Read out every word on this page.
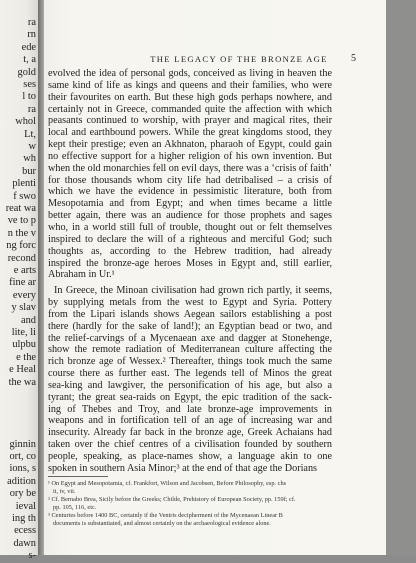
ra
rn
ede
t, a
gold
ses
l to
ra
whol
Lt,
w
wh
bur
plenti
f swo
reat wa
ve to p
n the v
ng forc
recond
e arts
fine ar
every
y slav
and
lite, li
ulpbu
e the
e Heal
the wa
ginnin
ort, co
ions, s
adition
ory be
ieval
ing th
ecess
dawn
s-
THE LEGACY OF THE BRONZE AGE	5
evolved the idea of personal gods, conceived as living in heaven the
same kind of life as kings and queens and their families, who were
their favourites on earth. But these high gods perhaps nowhere, and
certainly not in Greece, commanded quite the affection with which
peasants continued to worship, with prayer and magical rites, their
local and earthbound powers. While the great kingdoms stood, they
kept their prestige; even an Akhnaton, pharaoh of Egypt, could gain
no effective support for a higher religion of his own invention. But
when the old monarchies fell on evil days, there was a ‘crisis of faith’
for those thousands whom city life had detribalised – a crisis of
which we have the evidence in pessimistic literature, both from
Mesopotamia and from Egypt; and when times became a little
better again, there was an audience for those prophets and sages
who, in a world still full of trouble, thought out or felt themselves
inspired to declare the will of a righteous and merciful God; such
thoughts as, according to the Hebrew tradition, had already
inspired the bronze-age heroes Moses in Egypt and, still earlier,
Abraham in Ur.¹
In Greece, the Minoan civilisation had grown rich partly, it seems,
by supplying metals from the west to Egypt and Syria. Pottery
from the Lipari islands shows Aegean sailors establishing a post
there (hardly for the sake of land!); an Egyptian bead or two, and
the relief-carvings of a Mycenaean axe and dagger at Stonehenge,
show the remote radiation of Mediterranean culture affecting the
rich bronze age of Wessex.² Thereafter, things took much the same
course there as further east. The legends tell of Minos the great
sea-king and lawgiver, the personification of his age, but also a
tyrant; the great sea-raids on Egypt, the epic tradition of the sack-
ing of Thebes and Troy, and late bronze-age improvements in
weapons and in fortification tell of an age of increasing war and
insecurity. Already far back in the bronze age, Greek Achaians had
taken over the chief centres of a civilisation founded by southern
people, speaking, as place-names show, a language akin to one
spoken in southern Asia Minor;³ at the end of that age the Dorians
¹ On Egypt and Mesopotamia, cf. Frankfort, Wilson and Jacobsen, Before Philosophy, esp. chs
ii, iv, vii.
² Cf. Bernabo Brea, Sicily before the Greeks; Childe, Prehistory of European Society, pp. 159f; cf.
pp. 105, 116, etc.
³ Centuries before 1400 BC, certainly if the Ventris decipherment of the Mycenaean Linear B
documents is substantiated, and almost certainly on the archaeological evidence alone.
